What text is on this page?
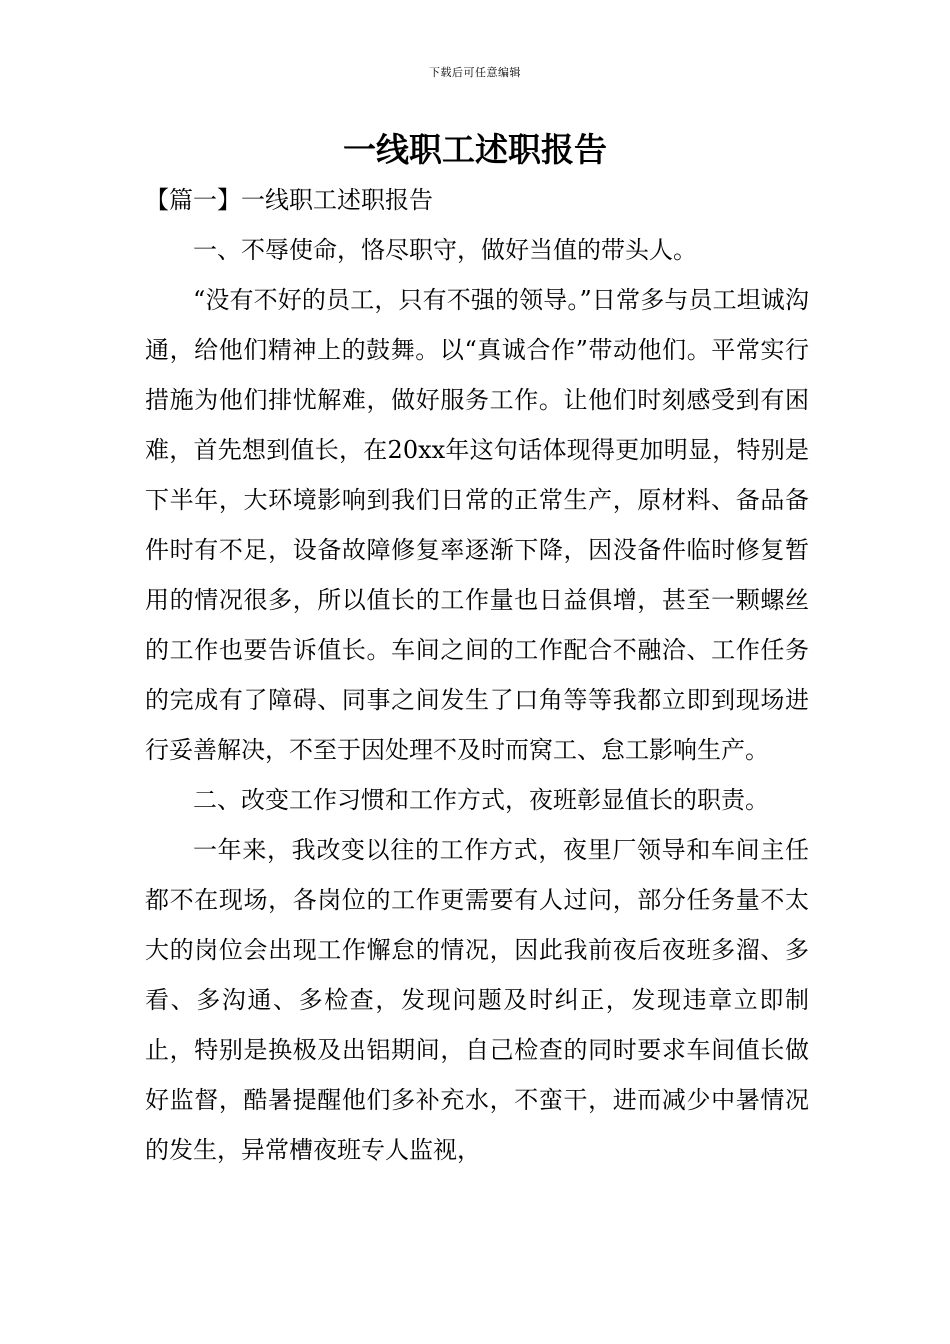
下载后可任意编辑
一线职工述职报告

【篇一】一线职工述职报告

一、不辱使命，恪尽职守，做好当值的带头人。

“没有不好的员工，只有不强的领导。”日常多与员工坦诚沟通，给他们精神上的鼓舞。以“真诚合作”带动他们。平常实行措施为他们排忧解难，做好服务工作。让他们时刻感受到有困难，首先想到值长，在20xx年这句话体现得更加明显，特别是下半年，大环境影响到我们日常的正常生产，原材料、备品备件时有不足，设备故障修复率逐渐下降，因没备件临时修复暂用的情况很多，所以值长的工作量也日益俱增，甚至一颗螺丝的工作也要告诉值长。车间之间的工作配合不融洽、工作任务的完成有了障碍、同事之间发生了口角等等我都立即到现场进行妥善解决，不至于因处理不及时而窝工、怠工影响生产。

二、改变工作习惯和工作方式，夜班彰显值长的职责。

一年来，我改变以往的工作方式，夜里厂领导和车间主任都不在现场，各岗位的工作更需要有人过问，部分任务量不太大的岗位会出现工作懈怠的情况，因此我前夜后夜班多溜、多看、多沟通、多检查，发现问题及时纠正，发现违章立即制止，特别是换极及出铝期间，自己检查的同时要求车间值长做好监督，酷暑提醒他们多补充水，不蛮干，进而减少中暑情况的发生，异常槽夜班专人监视，
